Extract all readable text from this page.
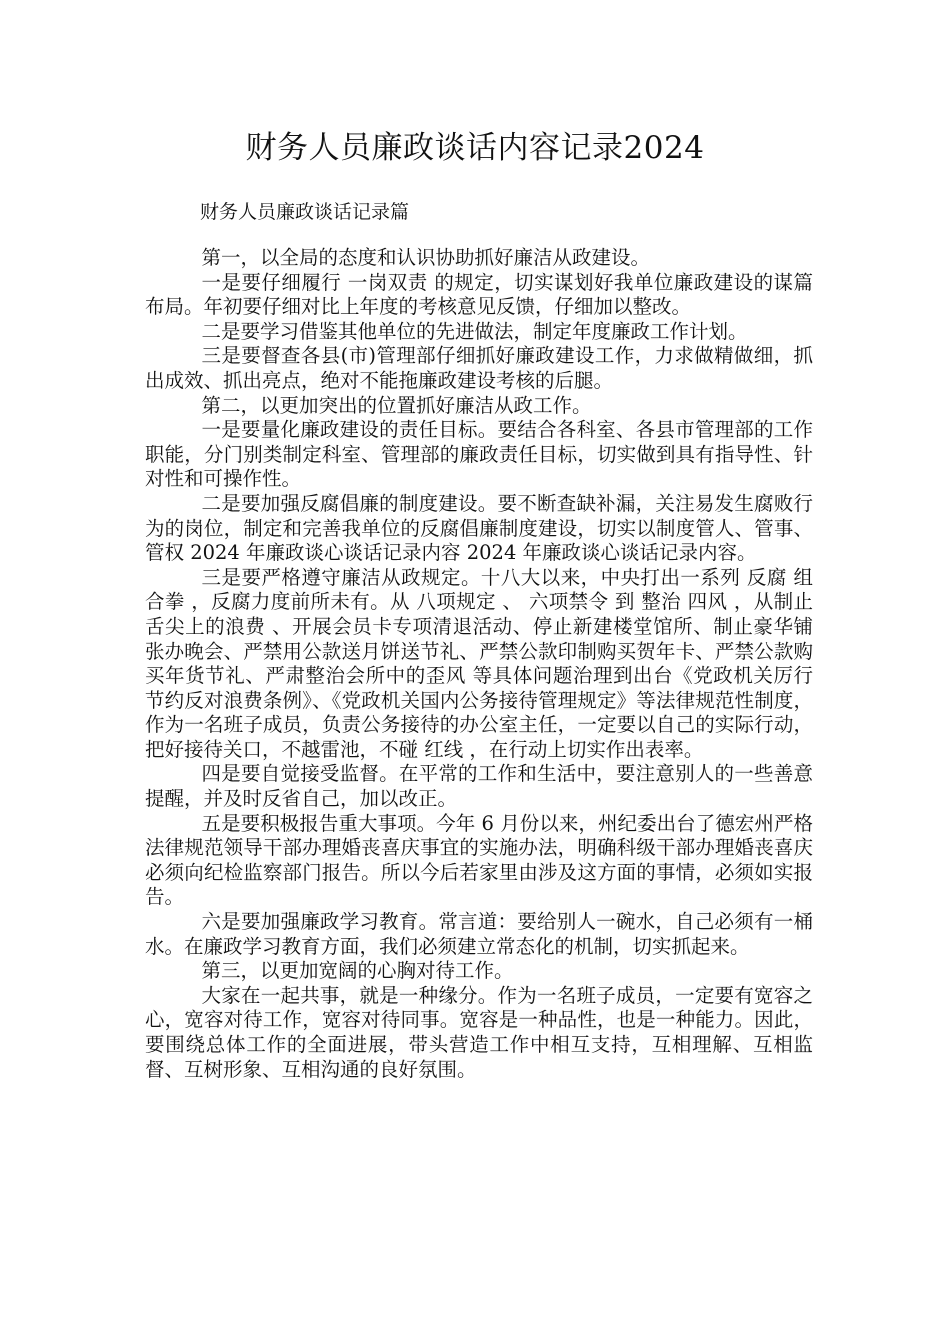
财务人员廉政谈话内容记录2024
财务人员廉政谈话记录篇

第一，以全局的态度和认识协助抓好廉洁从政建设。

一是要仔细履行 一岗双责 的规定，切实谋划好我单位廉政建设的谋篇布局。年初要仔细对比上年度的考核意见反馈，仔细加以整改。

二是要学习借鉴其他单位的先进做法，制定年度廉政工作计划。

三是要督查各县(市)管理部仔细抓好廉政建设工作，力求做精做细，抓出成效、抓出亮点，绝对不能拖廉政建设考核的后腿。

第二，以更加突出的位置抓好廉洁从政工作。

一是要量化廉政建设的责任目标。要结合各科室、各县市管理部的工作职能，分门别类制定科室、管理部的廉政责任目标，切实做到具有指导性、针对性和可操作性。

二是要加强反腐倡廉的制度建设。要不断查缺补漏，关注易发生腐败行为的岗位，制定和完善我单位的反腐倡廉制度建设，切实以制度管人、管事、管权 2024 年廉政谈心谈话记录内容 2024 年廉政谈心谈话记录内容。

三是要严格遵守廉洁从政规定。十八大以来，中央打出一系列 反腐 组合拳 ，反腐力度前所未有。从 八项规定 、 六项禁令 到 整治 四风 ，从制止 舌尖上的浪费 、开展会员卡专项清退活动、停止新建楼堂馆所、制止豪华铺张办晚会、严禁用公款送月饼送节礼、严禁公款印制购买贺年卡、严禁公款购买年货节礼、严肃整治会所中的歪风 等具体问题治理到出台《党政机关厉行节约反对浪费条例》、《党政机关国内公务接待管理规定》等法律规范性制度，作为一名班子成员，负责公务接待的办公室主任，一定要以自己的实际行动，把好接待关口，不越雷池，不碰 红线 ，在行动上切实作出表率。

四是要自觉接受监督。在平常的工作和生活中，要注意别人的一些善意提醒，并及时反省自己，加以改正。

五是要积极报告重大事项。今年 6 月份以来，州纪委出台了德宏州严格法律规范领导干部办理婚丧喜庆事宜的实施办法，明确科级干部办理婚丧喜庆必须向纪检监察部门报告。所以今后若家里由涉及这方面的事情，必须如实报告。

六是要加强廉政学习教育。常言道：要给别人一碗水，自己必须有一桶水。在廉政学习教育方面，我们必须建立常态化的机制，切实抓起来。

第三，以更加宽阔的心胸对待工作。

大家在一起共事，就是一种缘分。作为一名班子成员，一定要有宽容之心，宽容对待工作，宽容对待同事。宽容是一种品性，也是一种能力。因此，要围绕总体工作的全面进展，带头营造工作中相互支持，互相理解、互相监督、互树形象、互相沟通的良好氛围。
